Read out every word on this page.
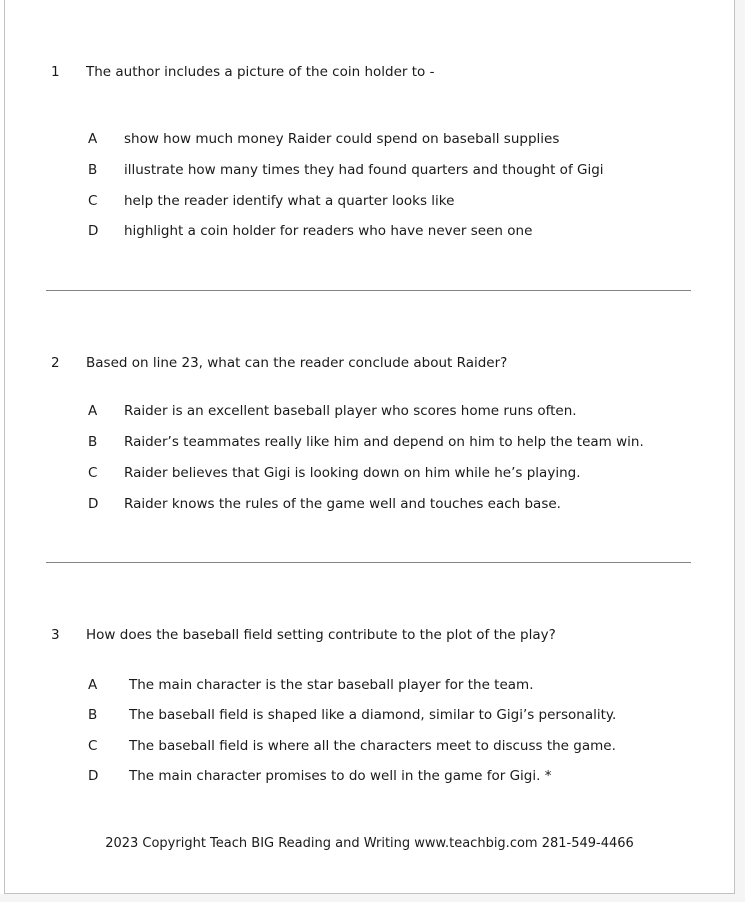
1 The author includes a picture of the coin holder to -
A show how much money Raider could spend on baseball supplies
B illustrate how many times they had found quarters and thought of Gigi
C help the reader identify what a quarter looks like
D highlight a coin holder for readers who have never seen one
2 Based on line 23, what can the reader conclude about Raider?
A Raider is an excellent baseball player who scores home runs often.
B Raider’s teammates really like him and depend on him to help the team win.
C Raider believes that Gigi is looking down on him while he’s playing.
D Raider knows the rules of the game well and touches each base.
3 How does the baseball field setting contribute to the plot of the play?
A The main character is the star baseball player for the team.
B The baseball field is shaped like a diamond, similar to Gigi’s personality.
C The baseball field is where all the characters meet to discuss the game.
D The main character promises to do well in the game for Gigi. *
2023 Copyright Teach BIG Reading and Writing www.teachbig.com 281-549-4466
